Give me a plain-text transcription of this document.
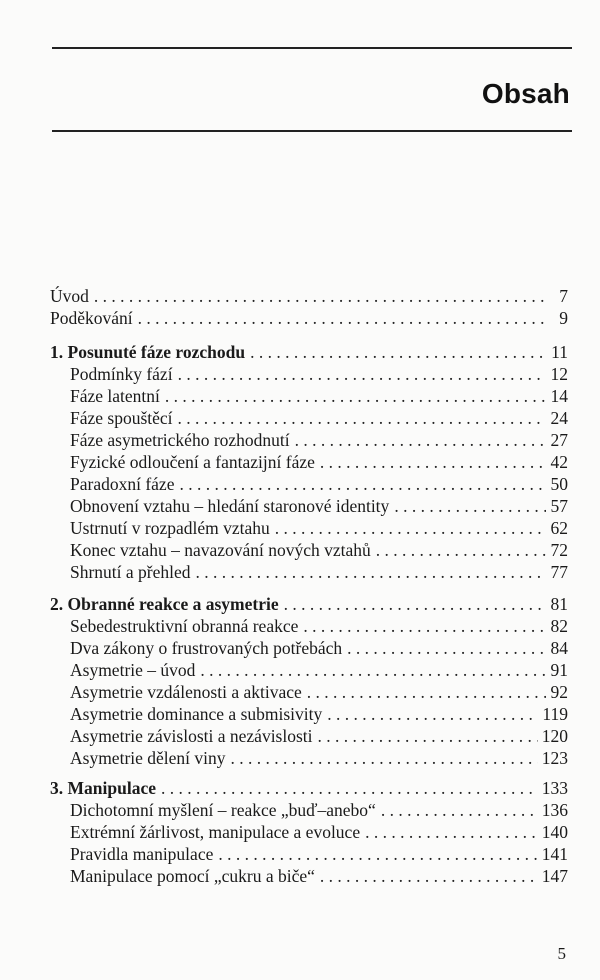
Obsah
Úvod . . .	7
Poděkování . . .	9
1. Posunuté fáze rozchodu . . .	11
Podmínky fází . . .	12
Fáze latentní . . .	14
Fáze spouštěcí . . .	24
Fáze asymetrického rozhodnutí . . .	27
Fyzické odloučení a fantazijní fáze . . .	42
Paradoxní fáze . . .	50
Obnovení vztahu – hledání staronové identity . . .	57
Ustrnutí v rozpadlém vztahu . . .	62
Konec vztahu – navazování nových vztahů . . .	72
Shrnutí a přehled . . .	77
2. Obranné reakce a asymetrie . . .	81
Sebedestruktivní obranná reakce . . .	82
Dva zákony o frustrovaných potřebách . . .	84
Asymetrie – úvod . . .	91
Asymetrie vzdálenosti a aktivace . . .	92
Asymetrie dominance a submisivity . . .	119
Asymetrie závislosti a nezávislosti . . .	120
Asymetrie dělení viny . . .	123
3. Manipulace . . .	133
Dichotomní myšlení – reakce „buď–anebo“ . . .	136
Extrémní žárlivost, manipulace a evoluce . . .	140
Pravidla manipulace . . .	141
Manipulace pomocí „cukru a biče“ . . .	147
5
